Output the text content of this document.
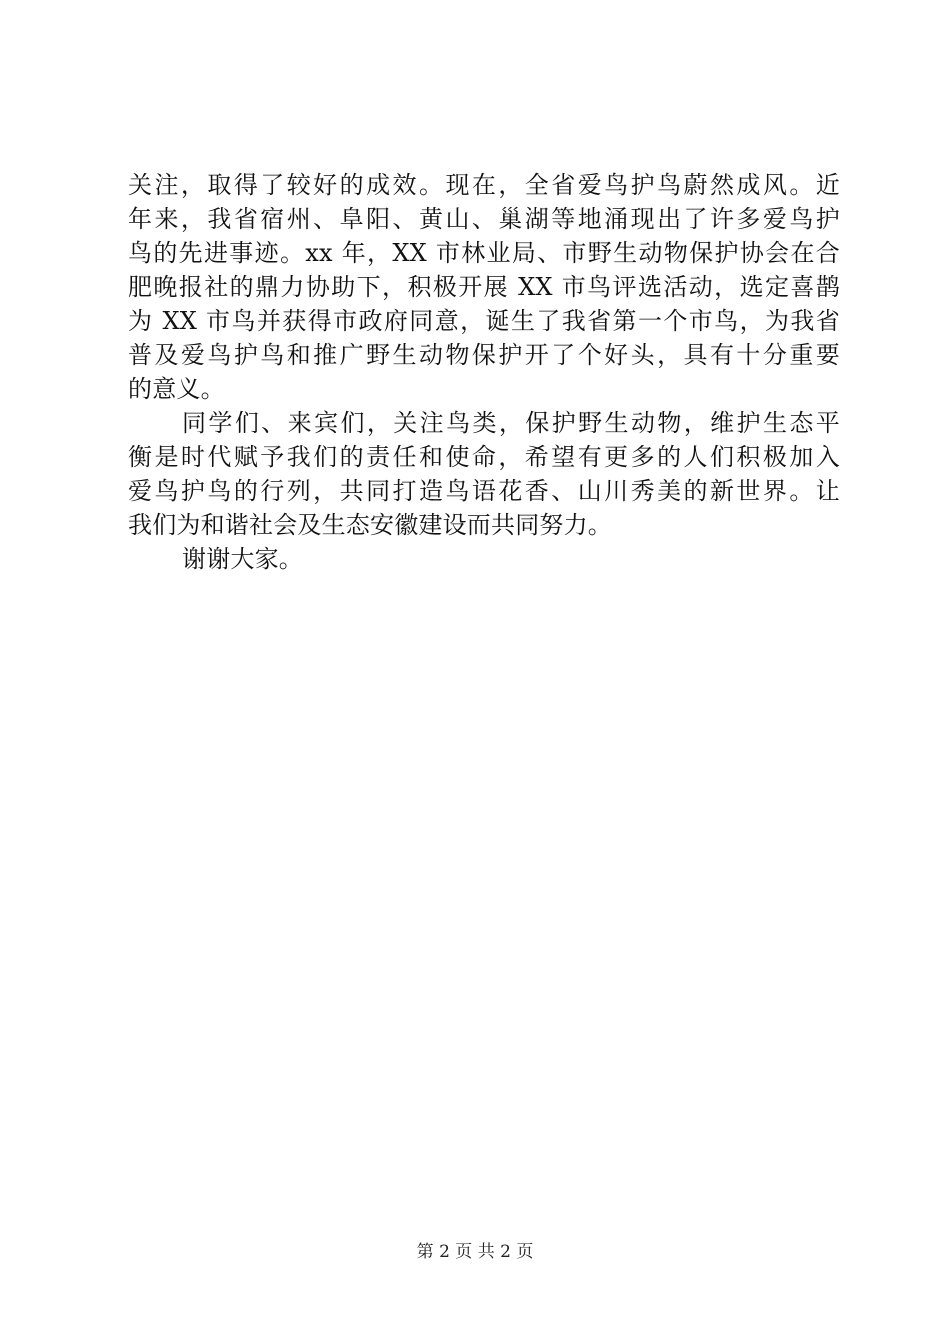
关注，取得了较好的成效。现在，全省爱鸟护鸟蔚然成风。近
年来，我省宿州、阜阳、黄山、巢湖等地涌现出了许多爱鸟护
鸟的先进事迹。xx 年，XX 市林业局、市野生动物保护协会在合
肥晚报社的鼎力协助下，积极开展 XX 市鸟评选活动，选定喜鹊
为 XX 市鸟并获得市政府同意，诞生了我省第一个市鸟，为我省
普及爱鸟护鸟和推广野生动物保护开了个好头，具有十分重要
的意义。
同学们、来宾们，关注鸟类，保护野生动物，维护生态平
衡是时代赋予我们的责任和使命，希望有更多的人们积极加入
爱鸟护鸟的行列，共同打造鸟语花香、山川秀美的新世界。让
我们为和谐社会及生态安徽建设而共同努力。
谢谢大家。
第 2 页 共 2 页
